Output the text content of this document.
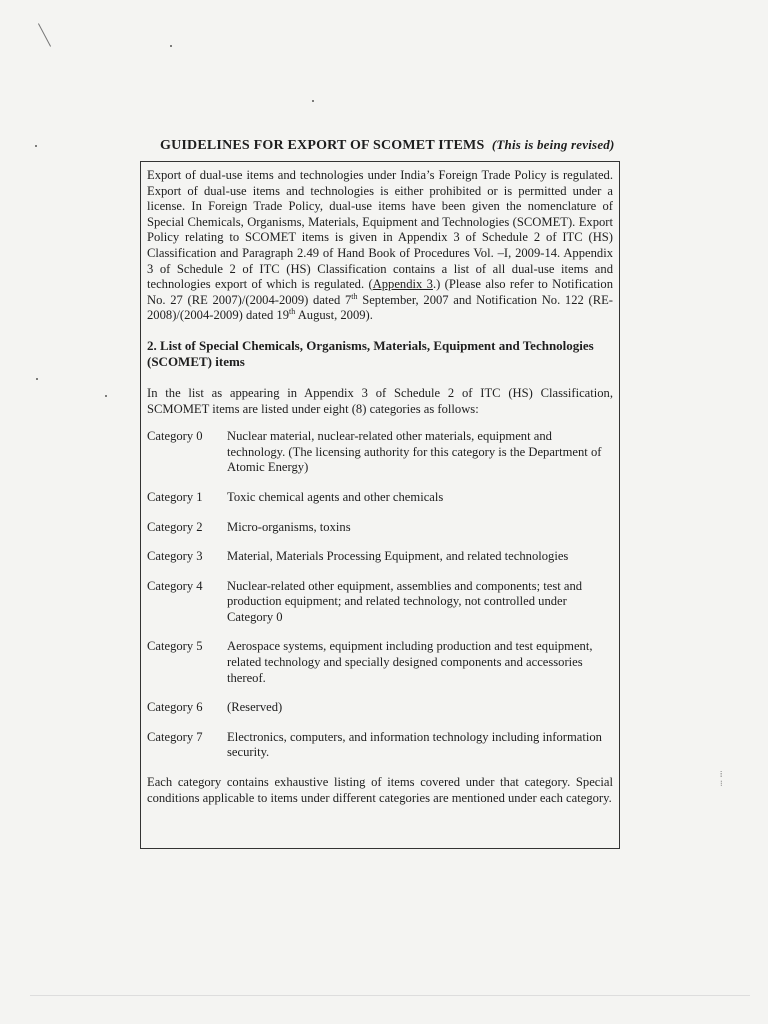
GUIDELINES FOR EXPORT OF SCOMET ITEMS (This is being revised)

Export of dual-use items and technologies under India’s Foreign Trade Policy is regulated. Export of dual-use items and technologies is either prohibited or is permitted under a license. In Foreign Trade Policy, dual-use items have been given the nomenclature of Special Chemicals, Organisms, Materials, Equipment and Technologies (SCOMET). Export Policy relating to SCOMET items is given in Appendix 3 of Schedule 2 of ITC (HS) Classification and Paragraph 2.49 of Hand Book of Procedures Vol. –I, 2009-14. Appendix 3 of Schedule 2 of ITC (HS) Classification contains a list of all dual-use items and technologies export of which is regulated. (Appendix 3.) (Please also refer to Notification No. 27 (RE 2007)/(2004-2009) dated 7th September, 2007 and Notification No. 122 (RE-2008)/(2004-2009) dated 19th August, 2009).

2. List of Special Chemicals, Organisms, Materials, Equipment and Technologies (SCOMET) items

In the list as appearing in Appendix 3 of Schedule 2 of ITC (HS) Classification, SCMOMET items are listed under eight (8) categories as follows:

Category 0	Nuclear material, nuclear-related other materials, equipment and technology. (The licensing authority for this category is the Department of Atomic Energy)
Category 1	Toxic chemical agents and other chemicals
Category 2	Micro-organisms, toxins
Category 3	Material, Materials Processing Equipment, and related technologies
Category 4	Nuclear-related other equipment, assemblies and components; test and production equipment; and related technology, not controlled under Category 0
Category 5	Aerospace systems, equipment including production and test equipment, related technology and specially designed components and accessories thereof.
Category 6	(Reserved)
Category 7	Electronics, computers, and information technology including information security.

Each category contains exhaustive listing of items covered under that category. Special conditions applicable to items under different categories are mentioned under each category.

⁞
⁝
